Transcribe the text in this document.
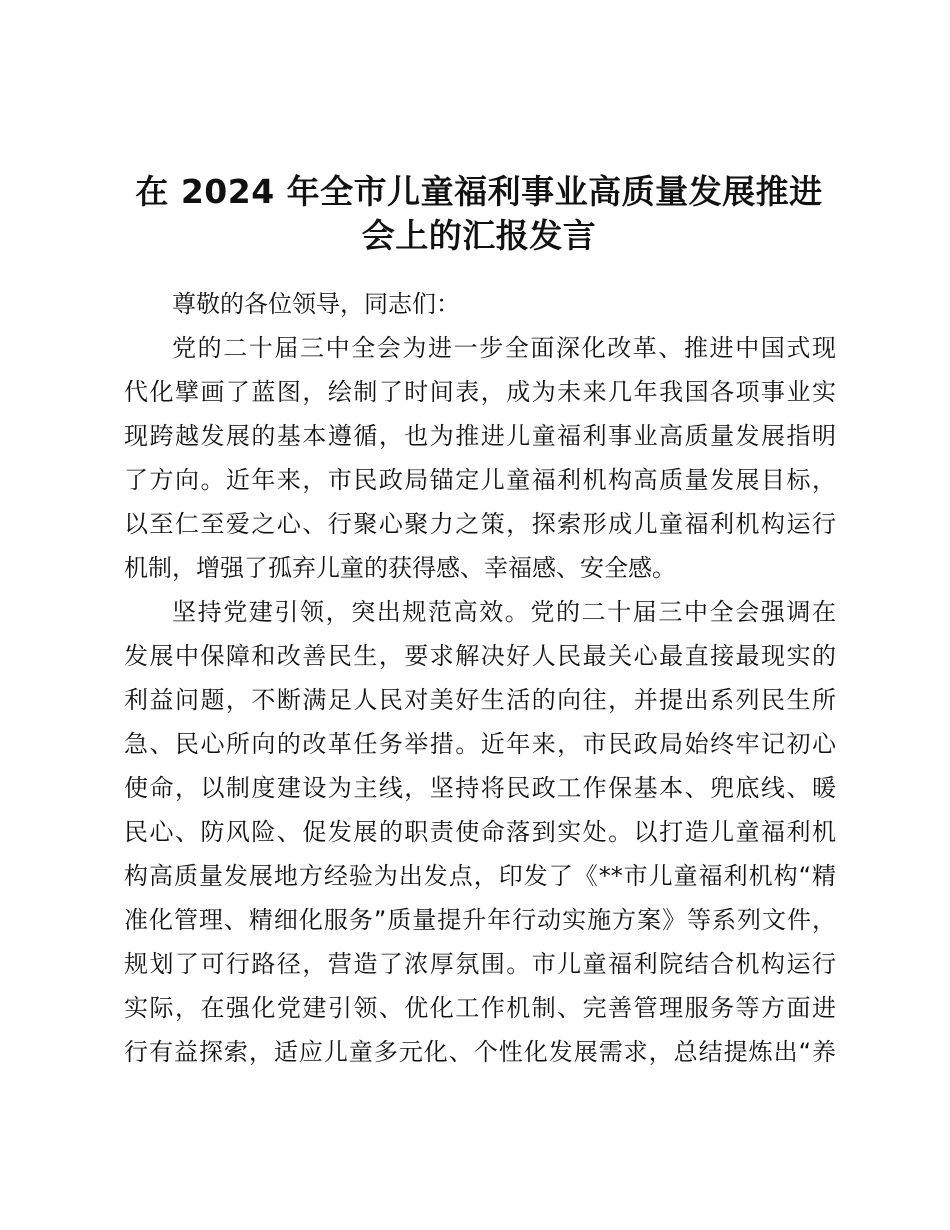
在 2024 年全市儿童福利事业高质量发展推进
会上的汇报发言
尊敬的各位领导，同志们：
党的二十届三中全会为进一步全面深化改革、推进中国式现
代化擘画了蓝图，绘制了时间表，成为未来几年我国各项事业实
现跨越发展的基本遵循，也为推进儿童福利事业高质量发展指明
了方向。近年来，市民政局锚定儿童福利机构高质量发展目标，
以至仁至爱之心、行聚心聚力之策，探索形成儿童福利机构运行
机制，增强了孤弃儿童的获得感、幸福感、安全感。
坚持党建引领，突出规范高效。党的二十届三中全会强调在
发展中保障和改善民生，要求解决好人民最关心最直接最现实的
利益问题，不断满足人民对美好生活的向往，并提出系列民生所
急、民心所向的改革任务举措。近年来，市民政局始终牢记初心
使命，以制度建设为主线，坚持将民政工作保基本、兜底线、暖
民心、防风险、促发展的职责使命落到实处。以打造儿童福利机
构高质量发展地方经验为出发点，印发了《**市儿童福利机构“精
准化管理、精细化服务”质量提升年行动实施方案》等系列文件，
规划了可行路径，营造了浓厚氛围。市儿童福利院结合机构运行
实际，在强化党建引领、优化工作机制、完善管理服务等方面进
行有益探索，适应儿童多元化、个性化发展需求，总结提炼出“养
